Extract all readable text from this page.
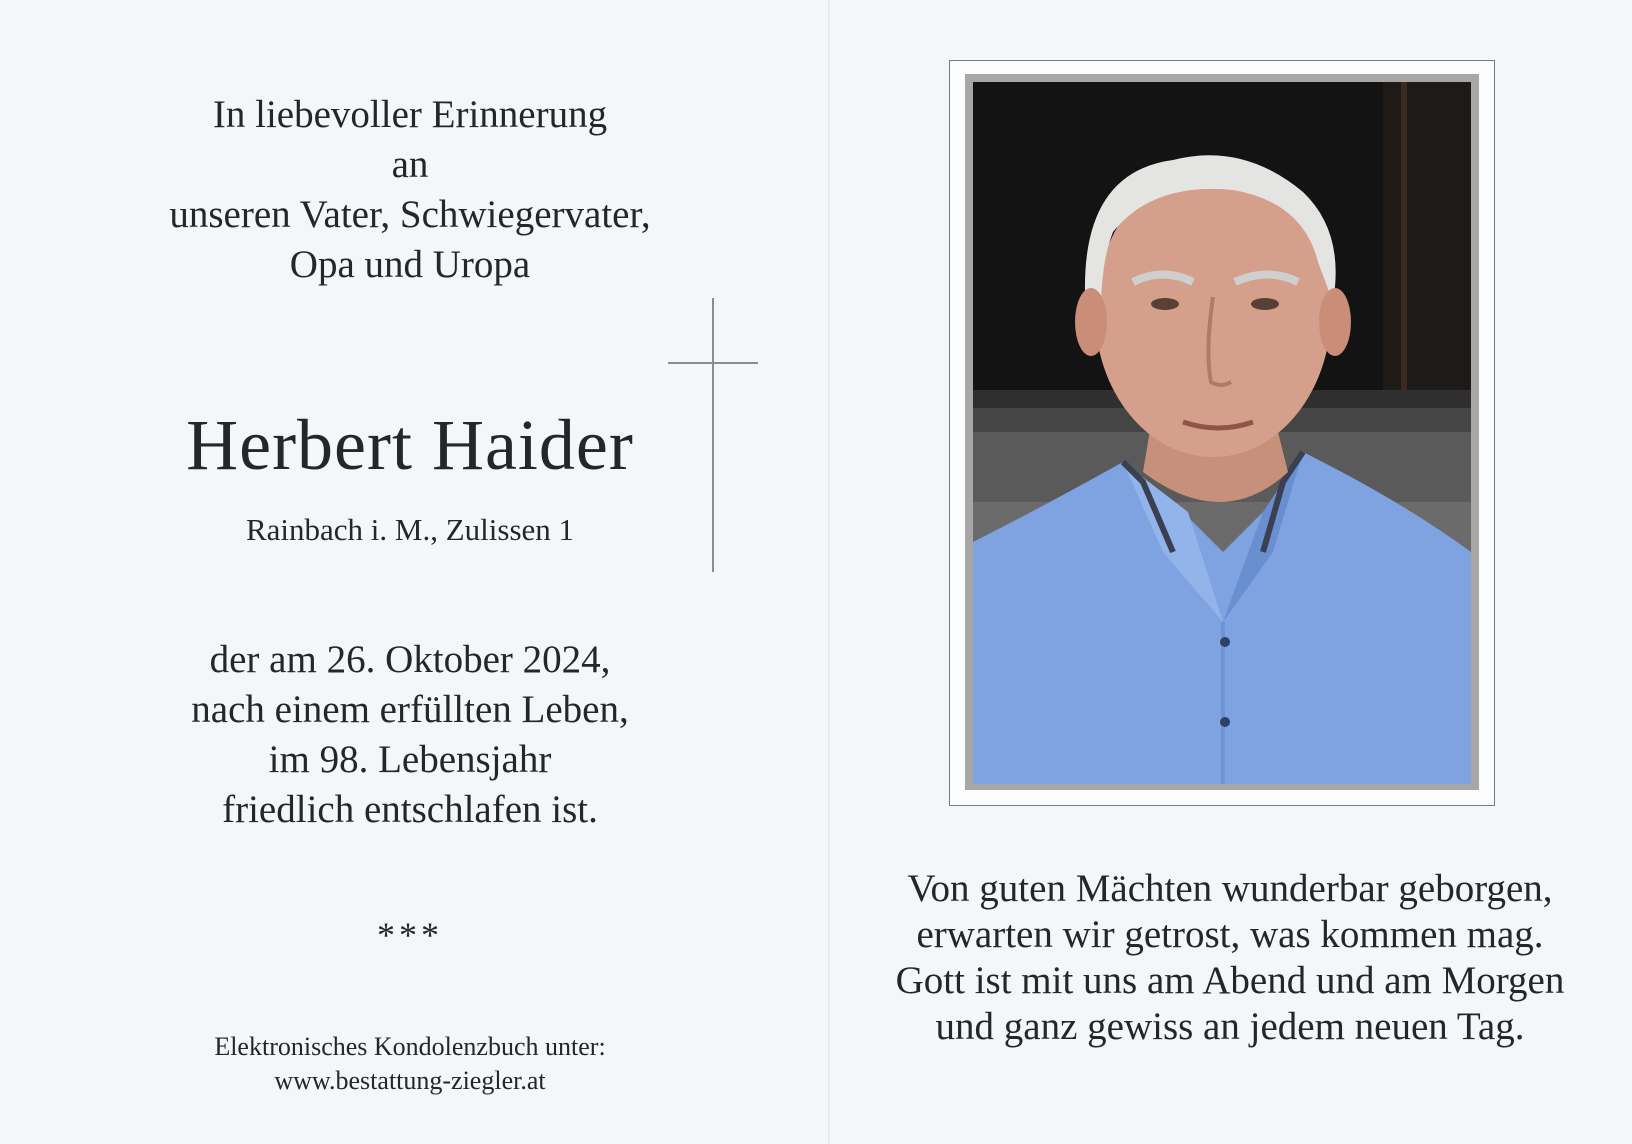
In liebevoller Erinnerung
an
unseren Vater, Schwiegervater,
Opa und Uropa
Herbert Haider
Rainbach i. M., Zulissen 1
der am 26. Oktober 2024,
nach einem erfüllten Leben,
im 98. Lebensjahr
friedlich entschlafen ist.
***
Elektronisches Kondolenzbuch unter:
www.bestattung-ziegler.at
Von guten Mächten wunderbar geborgen,
erwarten wir getrost, was kommen mag.
Gott ist mit uns am Abend und am Morgen
und ganz gewiss an jedem neuen Tag.
